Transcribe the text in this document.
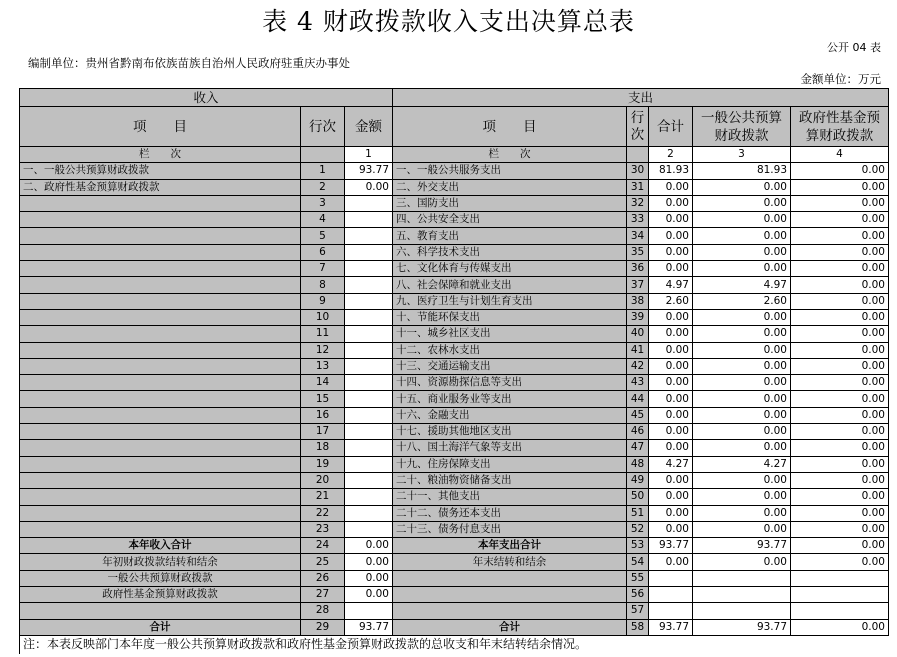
表 4 财政拨款收入支出决算总表
公开 04 表
编制单位：贵州省黔南布依族苗族自治州人民政府驻重庆办事处
金额单位：万元
收入			支出				
项　　目	行次	金额	项　　目	行次	合计	一般公共预算财政拨款	政府性基金预算财政拨款
栏　　次		1	栏　　次		2	3	4
一、一般公共预算财政拨款	1	93.77	一、一般公共服务支出	30	81.93	81.93	0.00
二、政府性基金预算财政拨款	2	0.00	二、外交支出	31	0.00	0.00	0.00
	3		三、国防支出	32	0.00	0.00	0.00
	4		四、公共安全支出	33	0.00	0.00	0.00
	5		五、教育支出	34	0.00	0.00	0.00
	6		六、科学技术支出	35	0.00	0.00	0.00
	7		七、文化体育与传媒支出	36	0.00	0.00	0.00
	8		八、社会保障和就业支出	37	4.97	4.97	0.00
	9		九、医疗卫生与计划生育支出	38	2.60	2.60	0.00
	10		十、节能环保支出	39	0.00	0.00	0.00
	11		十一、城乡社区支出	40	0.00	0.00	0.00
	12		十二、农林水支出	41	0.00	0.00	0.00
	13		十三、交通运输支出	42	0.00	0.00	0.00
	14		十四、资源勘探信息等支出	43	0.00	0.00	0.00
	15		十五、商业服务业等支出	44	0.00	0.00	0.00
	16		十六、金融支出	45	0.00	0.00	0.00
	17		十七、援助其他地区支出	46	0.00	0.00	0.00
	18		十八、国土海洋气象等支出	47	0.00	0.00	0.00
	19		十九、住房保障支出	48	4.27	4.27	0.00
	20		二十、粮油物资储备支出	49	0.00	0.00	0.00
	21		二十一、其他支出	50	0.00	0.00	0.00
	22		二十二、债务还本支出	51	0.00	0.00	0.00
	23		二十三、债务付息支出	52	0.00	0.00	0.00
本年收入合计	24	0.00	本年支出合计	53	93.77	93.77	0.00
年初财政拨款结转和结余	25	0.00	年末结转和结余	54	0.00	0.00	0.00
一般公共预算财政拨款	26	0.00		55			
政府性基金预算财政拨款	27	0.00		56			
	28			57			
合计	29	93.77	合计	58	93.77	93.77	0.00
注：本表反映部门本年度一般公共预算财政拨款和政府性基金预算财政拨款的总收支和年末结转结余情况。							
